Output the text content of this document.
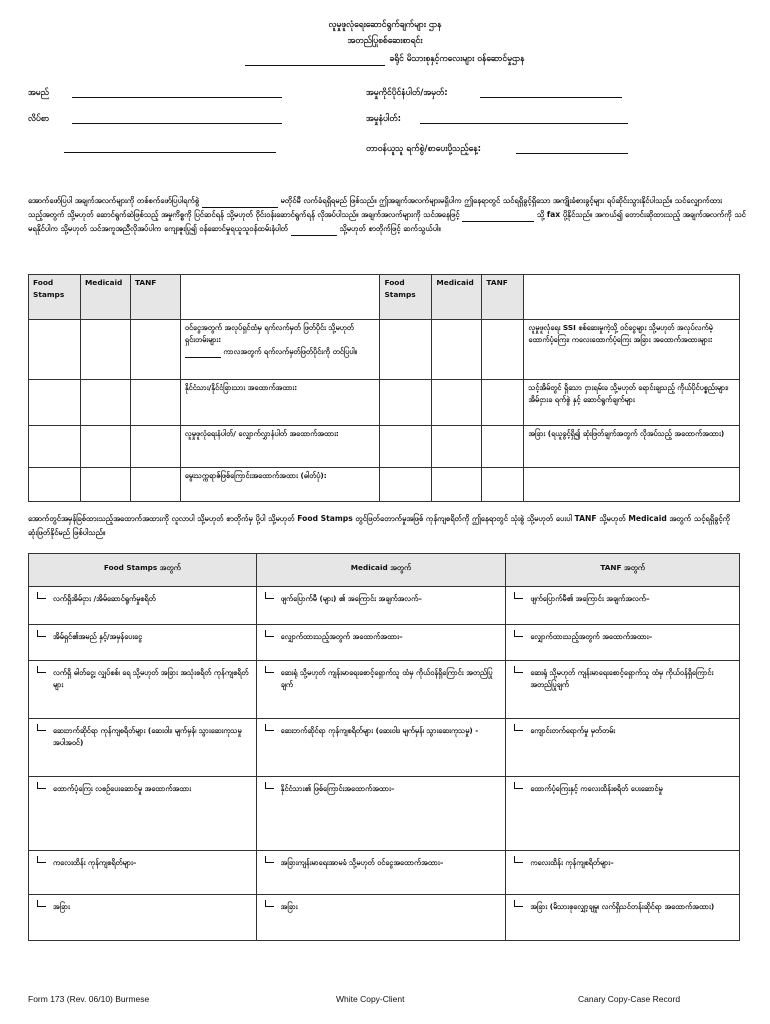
လူမှုဖူလုံရေးဆောင်ရွက်ချက်များ ဌာန
အတည်ပြုစစ်ဆေးစာရင်း
ခရိုင် မိသားစုနှင့်ကလေးများ ဝန်ဆောင်မှုဌာန
အမည်	အမှုကိုင်ပိုင်နံပါတ်/အမှတ်:
လိပ်စာ	အမှုနံပါတ်:
တာဝန်ယူသူ ရက်စွဲ/စာပေးပို့သည့်နေ့:
အောက်ဖော်ပြပါ အချက်အလက်များကို တစ်စက်ဖော်ပြပါရက်စွဲ	မတိုင်မီ လက်ခံရရှိရမည် ဖြစ်သည်။ ဤအချက်အလက်များမရှိပါက ဤနေရာတွင် သင်ရရှိခွင့်ရှိသော အကျိုးခံစားခွင့်များ ရပ်ဆိုင်းသွားနိုင်ပါသည်။ သင်လျှောက်ထားသည့်အတွက် သို့မဟုတ် ဆောင်ရွက်ဆဲဖြစ်သည့် အမှုကိစ္စကို ပြင်ဆင်ရန် သို့မဟုတ် ဝိုင်းဝန်းဆောင်ရွက်ရန် လိုအပ်ပါသည်။ အချက်အလက်များကို သင်အနေဖြင့်	သို့ fax ပို့နိုင်သည်။ အကယ်၍ တောင်းဆိုထားသည့် အချက်အလက်ကို သင် မရနိုင်ပါက သို့မဟုတ် သင်အကူအညီလိုအပ်ပါက ကျေးဇူးပြု၍ ဝန်ဆောင်မှုရယူသူဝန်ထမ်းနံပါတ်	သို့မဟုတ် စာတိုက်ဖြင့် ဆက်သွယ်ပါ။
Food Stamps	Medicaid	TANF		Food Stamps	Medicaid	TANF	
			ဝင်ငွေအတွက် အလုပ်ရှင်ထံမှ ရက်လက်မှတ် ဖြတ်ပိုင်း သို့မဟုတ် ရှင်းတမ်းများ:
ကာလအတွက် ရက်လက်မှတ်ဖြတ်ပိုင်းကို တင်ပြပါ။				လူမှုဖူလုံရေး SSI စစ်ဆေးမှုကဲ့သို့ ဝင်ငွေများ သို့မဟုတ် အလုပ်လက်မဲ့ ထောက်ပံ့ကြေး၊ ကလေးထောက်ပံ့ကြေး အခြား အထောက်အထားများ:
			နိုင်ငံသား/နိုင်ငံခြားသား အထောက်အထား:				သင့်အိမ်တွင် ရှိသော ငှားရမ်းခ သို့မဟုတ် ရောင်းချသည့် ကိုယ်ပိုင်ပစ္စည်းများ၊ အိမ်ငှားခ ရက်စွဲ နှင့် ဆောင်ရွက်ချက်များ
			လူမှုဖူလုံရေးနံပါတ်/ လျှောက်လွှာနံပါတ် အထောက်အထား:				အခြား (ရယူခွင့်ရှိ၍ ဆုံးဖြတ်ချက်အတွက် လိုအပ်သည့် အထောက်အထား)
			မွေးသက္ကရာဇ်ဖြစ်ကြောင်းအထောက်အထား (ဓါတ်ပုံ):				
အောက်တွင်အမှန်ခြစ်ထားသည့်အထောက်အထားကို လူလာပါ သို့မဟုတ် စာတိုက်မှ ပို့ပါ သို့မဟုတ် Food Stamps တွင်ဖြတ်တောက်မှုအဖြစ် ကုန်ကျစရိတ်ကို ဤနေရာတွင် သုံးစွဲ သို့မဟုတ် ပေးပါ TANF သို့မဟုတ် Medicaid အတွက် သင့်ရရှိခွင့်ကို ဆုံးဖြတ်နိုင်မည် ဖြစ်ပါသည်။
Food Stamps အတွက်	Medicaid အတွက်	TANF အတွက်

လက်ရှိအိမ်ငှား /အိမ်ဆောင်ရွက်မှုစရိတ်	ဖျက်ပြောက်မီ (များ) ၏ အကြောင်း အချက်အလက်–	ဖျက်ပြောက်မီ၏ အကြောင်း အချက်အလက်–

အိမ်ရှင်၏အမည် နှင့်/အမှန်ပေးငွေ	လျှောက်ထားသည့်အတွက် အထောက်အထား–	လျှောက်ထားသည့်အတွက် အထောက်အထား–

လက်ရှိ ဓါတ်ငွေ့၊ လျှပ်စစ်၊ ရေ သို့မဟုတ် အခြား အသုံးစရိတ် ကုန်ကျစရိတ်များ	ဆေးရုံ သို့မဟုတ် ကျန်းမာရေးစောင့်ရှောက်သူ ထံမှ ကိုယ်ဝန်ရှိကြောင်း အတည်ပြုချက်	ဆေးရုံ သို့မဟုတ် ကျန်းမာရေးစောင့်ရှောက်သူ ထံမှ ကိုယ်ဝန်ရှိကြောင်း အတည်ပြုချက်

ဆေးဘက်ဆိုင်ရာ ကုန်ကျစရိတ်များ (ဆေးဝါး၊ မျက်မှန်၊ သွားဆေးကုသမှု အပါအဝင်)	ဆေးဘက်ဆိုင်ရာ ကုန်ကျစရိတ်များ (ဆေးဝါး၊ မျက်မှန်၊ သွားဆေးကုသမှု) -	ကျောင်းတက်ရောက်မှု မှတ်တမ်း

ထောက်ပံ့ကြေး လစဉ်ပေးဆောင်မှု အထောက်အထား	နိုင်ငံသား၏ ဖြစ်ကြောင်းအထောက်အထား–	ထောက်ပံ့ကြေးနှင့် ကလေးထိန်းစရိတ် ပေးဆောင်မှု

ကလေးထိန်း ကုန်ကျစရိတ်များ–	အခြားကျန်းမာရေးအာမခံ သို့မဟုတ် ဝင်ငွေအထောက်အထား–	ကလေးထိန်း ကုန်ကျစရိတ်များ–

အခြား	အခြား	အခြား (မိသားစုလျှော့ချမှု၊ လက်ရှိသင်တန်းဆိုင်ရာ အထောက်အထား)
Form 173 (Rev. 06/10) Burmese	White Copy-Client	Canary Copy-Case Record
